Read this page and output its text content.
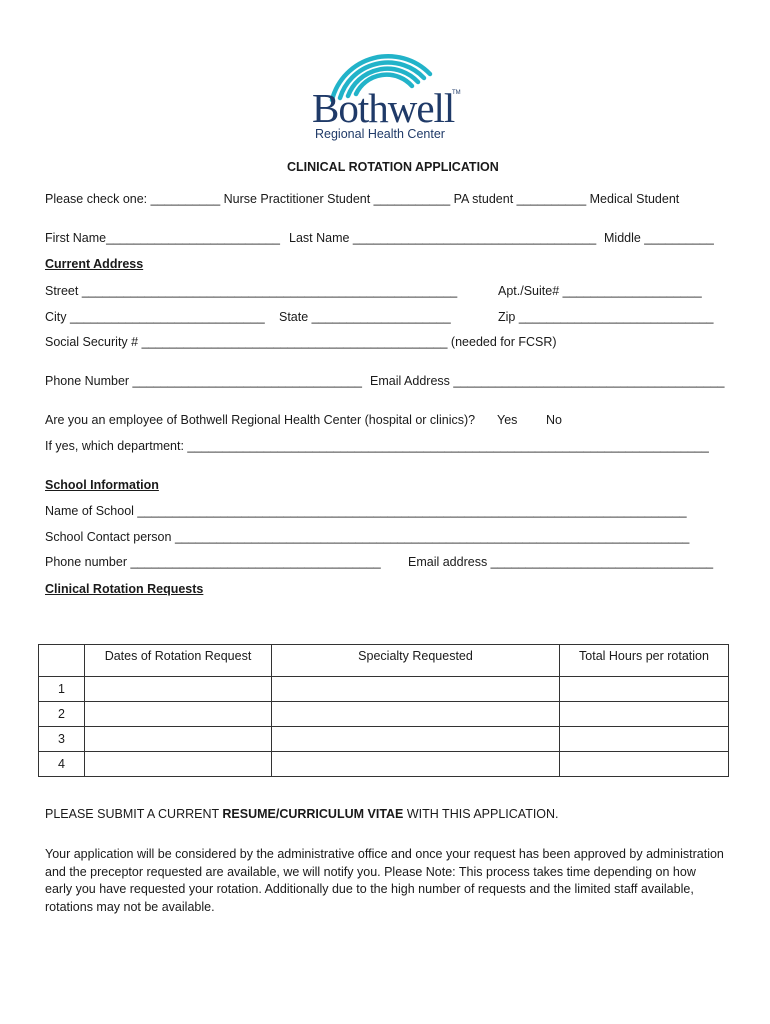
Bothwell
TM
Regional Health Center
CLINICAL ROTATION APPLICATION
Please check one: __________ Nurse Practitioner Student ___________ PA student __________ Medical Student
First Name_________________________ Last Name ___________________________________ Middle __________
Current Address
Street ______________________________________________________	Apt./Suite# ____________________
City ____________________________ State ____________________	Zip ____________________________
Social Security # ____________________________________________ (needed for FCSR)
Phone Number _________________________________ Email Address _______________________________________
Are you an employee of Bothwell Regional Health Center (hospital or clinics)? Yes No
If yes, which department: ___________________________________________________________________________
School Information
Name of School _______________________________________________________________________________
School Contact person __________________________________________________________________________
Phone number ____________________________________ Email address ________________________________
Clinical Rotation Requests
	Dates of Rotation Request	Specialty Requested	Total Hours per rotation
1			
2			
3			
4			
PLEASE SUBMIT A CURRENT RESUME/CURRICULUM VITAE WITH THIS APPLICATION.
Your application will be considered by the administrative office and once your request has been approved by administration and the preceptor requested are available, we will notify you. Please Note: This process takes time depending on how early you have requested your rotation. Additionally due to the high number of requests and the limited staff available, rotations may not be available.
